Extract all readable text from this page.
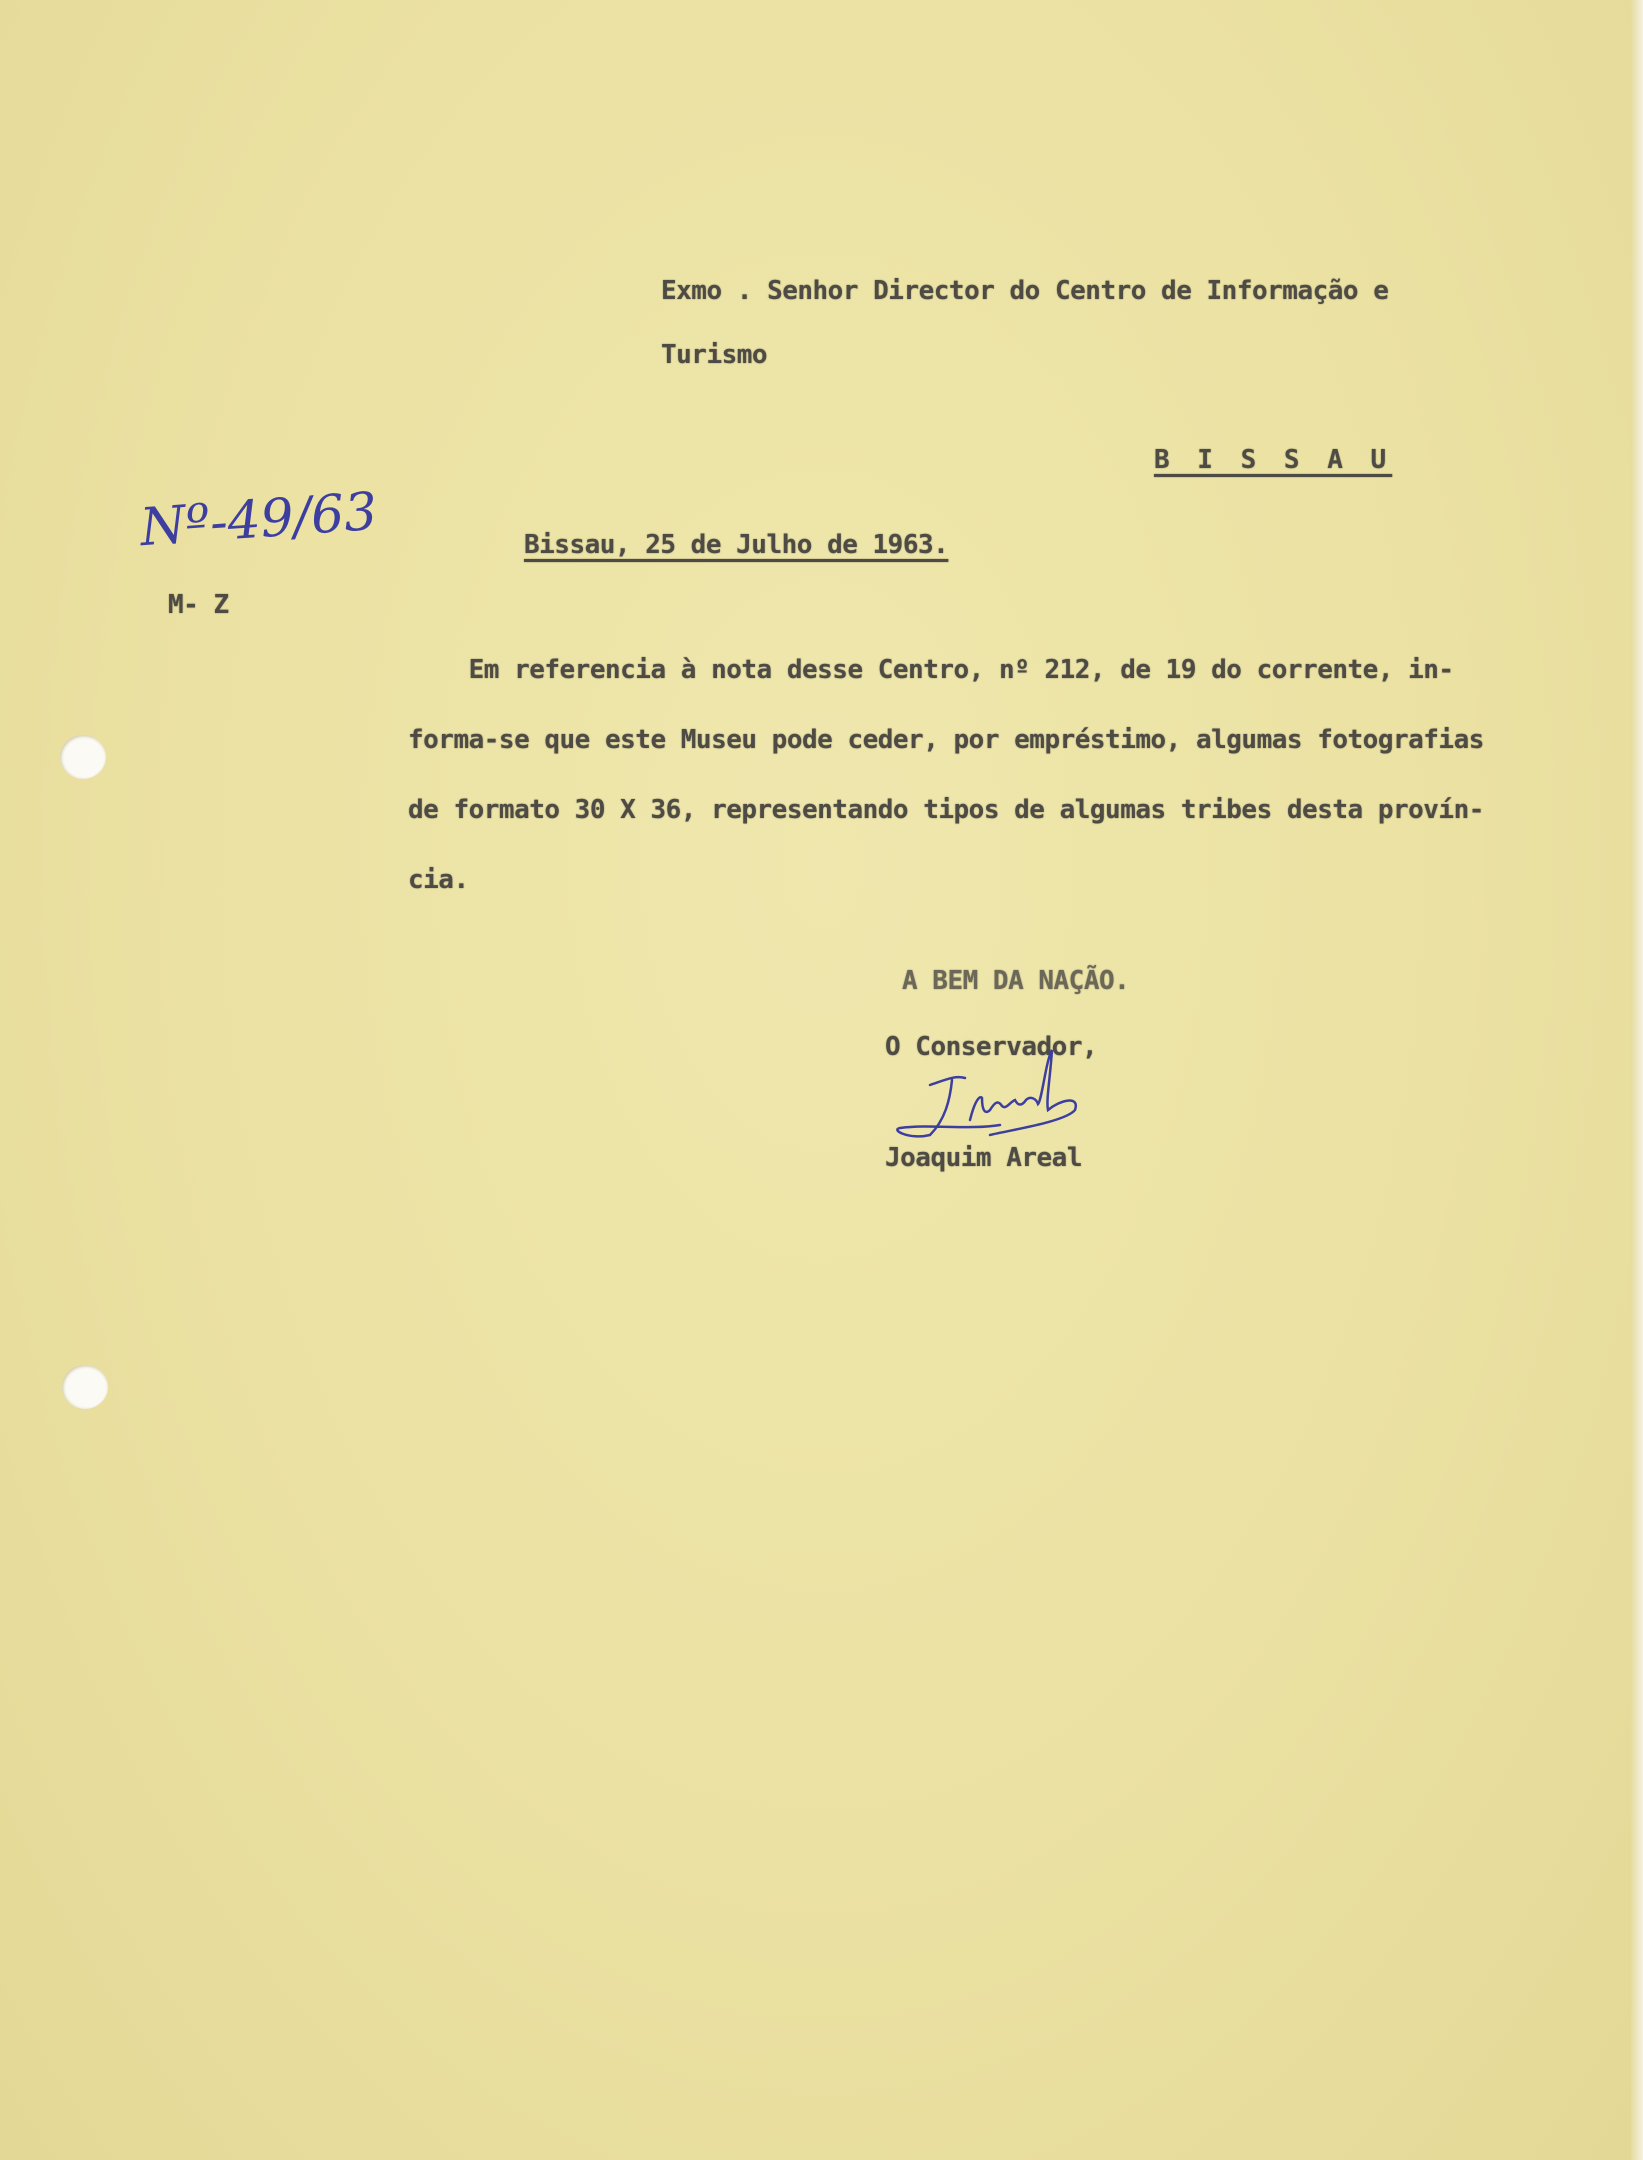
Exmo . Senhor Director do Centro de Informação e
Turismo
B I S S A U
Nº-49/63
M- Z
Bissau, 25 de Julho de 1963.
Em referencia à nota desse Centro, nº 212, de 19 do corrente, in-
forma-se que este Museu pode ceder, por empréstimo, algumas fotografias
de formato 30 X 36, representando tipos de algumas tribes desta provín-
cia.
A BEM DA NAÇÃO.
O Conservador,
Joaquim Areal
